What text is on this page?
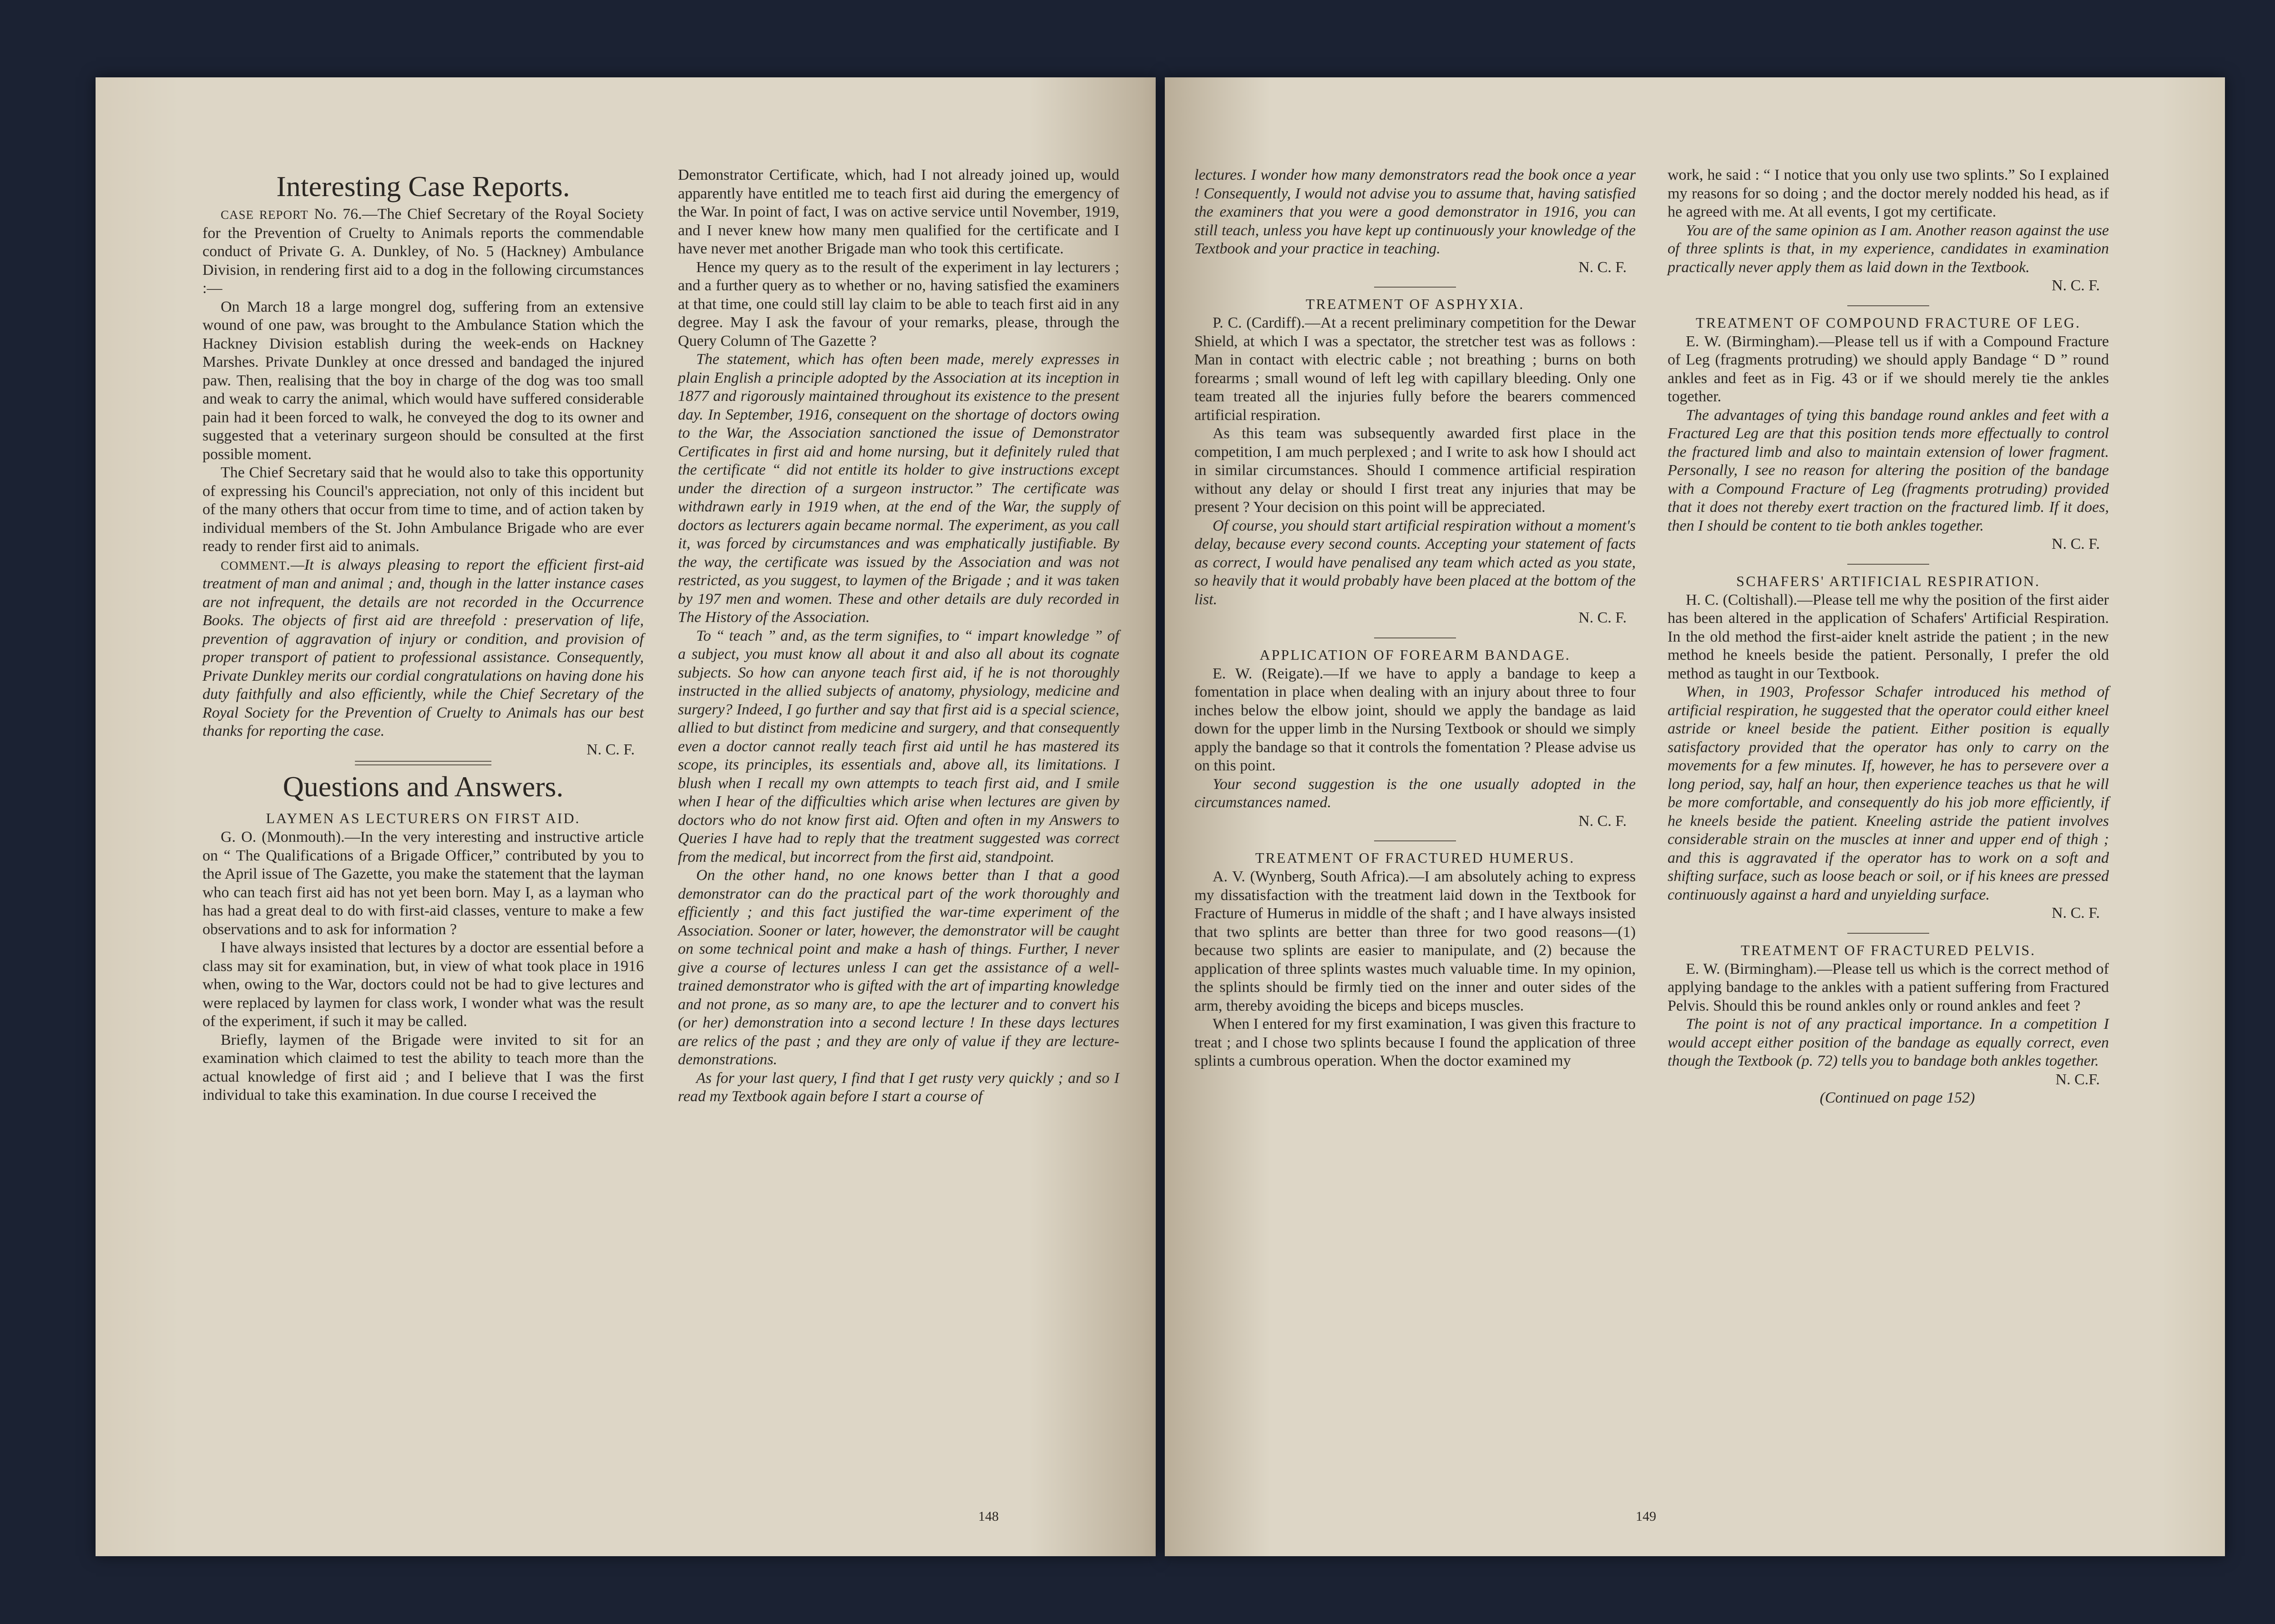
Interesting Case Reports.

CASE REPORT No. 76.—The Chief Secretary of the Royal Society for the Prevention of Cruelty to Animals reports the commendable conduct of Private G. A. Dunkley, of No. 5 (Hackney) Ambulance Division, in rendering first aid to a dog in the following circumstances :—

On March 18 a large mongrel dog, suffering from an extensive wound of one paw, was brought to the Ambulance Station which the Hackney Division establish during the week-ends on Hackney Marshes. Private Dunkley at once dressed and bandaged the injured paw. Then, realising that the boy in charge of the dog was too small and weak to carry the animal, which would have suffered considerable pain had it been forced to walk, he conveyed the dog to its owner and suggested that a veterinary surgeon should be consulted at the first possible moment.

The Chief Secretary said that he would also to take this opportunity of expressing his Council's appreciation, not only of this incident but of the many others that occur from time to time, and of action taken by individual members of the St. John Ambulance Brigade who are ever ready to render first aid to animals.

COMMENT.—It is always pleasing to report the efficient first-aid treatment of man and animal ; and, though in the latter instance cases are not infrequent, the details are not recorded in the Occurrence Books. The objects of first aid are threefold : preservation of life, prevention of aggravation of injury or condition, and provision of proper transport of patient to professional assistance. Consequently, Private Dunkley merits our cordial congratulations on having done his duty faithfully and also efficiently, while the Chief Secretary of the Royal Society for the Prevention of Cruelty to Animals has our best thanks for reporting the case.

N. C. F.

Questions and Answers.
LAYMEN AS LECTURERS ON FIRST AID.

G. O. (Monmouth).—In the very interesting and instructive article on “ The Qualifications of a Brigade Officer,” contributed by you to the April issue of The Gazette, you make the statement that the layman who can teach first aid has not yet been born. May I, as a layman who has had a great deal to do with first-aid classes, venture to make a few observations and to ask for information ?

I have always insisted that lectures by a doctor are essential before a class may sit for examination, but, in view of what took place in 1916 when, owing to the War, doctors could not be had to give lectures and were replaced by laymen for class work, I wonder what was the result of the experiment, if such it may be called.

Briefly, laymen of the Brigade were invited to sit for an examination which claimed to test the ability to teach more than the actual knowledge of first aid ; and I believe that I was the first individual to take this examination. In due course I received the

Demonstrator Certificate, which, had I not already joined up, would apparently have entitled me to teach first aid during the emergency of the War. In point of fact, I was on active service until November, 1919, and I never knew how many men qualified for the certificate and I have never met another Brigade man who took this certificate.

Hence my query as to the result of the experiment in lay lecturers ; and a further query as to whether or no, having satisfied the examiners at that time, one could still lay claim to be able to teach first aid in any degree. May I ask the favour of your remarks, please, through the Query Column of The Gazette ?

The statement, which has often been made, merely expresses in plain English a principle adopted by the Association at its inception in 1877 and rigorously maintained throughout its existence to the present day. In September, 1916, consequent on the shortage of doctors owing to the War, the Association sanctioned the issue of Demonstrator Certificates in first aid and home nursing, but it definitely ruled that the certificate “ did not entitle its holder to give instructions except under the direction of a surgeon instructor.” The certificate was withdrawn early in 1919 when, at the end of the War, the supply of doctors as lecturers again became normal. The experiment, as you call it, was forced by circumstances and was emphatically justifiable. By the way, the certificate was issued by the Association and was not restricted, as you suggest, to laymen of the Brigade ; and it was taken by 197 men and women. These and other details are duly recorded in The History of the Association.

To “ teach ” and, as the term signifies, to “ impart knowledge ” of a subject, you must know all about it and also all about its cognate subjects. So how can anyone teach first aid, if he is not thoroughly instructed in the allied subjects of anatomy, physiology, medicine and surgery? Indeed, I go further and say that first aid is a special science, allied to but distinct from medicine and surgery, and that consequently even a doctor cannot really teach first aid until he has mastered its scope, its principles, its essentials and, above all, its limitations. I blush when I recall my own attempts to teach first aid, and I smile when I hear of the difficulties which arise when lectures are given by doctors who do not know first aid. Often and often in my Answers to Queries I have had to reply that the treatment suggested was correct from the medical, but incorrect from the first aid, standpoint.

On the other hand, no one knows better than I that a good demonstrator can do the practical part of the work thoroughly and efficiently ; and this fact justified the war-time experiment of the Association. Sooner or later, however, the demonstrator will be caught on some technical point and make a hash of things. Further, I never give a course of lectures unless I can get the assistance of a well-trained demonstrator who is gifted with the art of imparting knowledge and not prone, as so many are, to ape the lecturer and to convert his (or her) demonstration into a second lecture ! In these days lectures are relics of the past ; and they are only of value if they are lecture-demonstrations.

As for your last query, I find that I get rusty very quickly ; and so I read my Textbook again before I start a course of

148

lectures. I wonder how many demonstrators read the book once a year ! Consequently, I would not advise you to assume that, having satisfied the examiners that you were a good demonstrator in 1916, you can still teach, unless you have kept up continuously your knowledge of the Textbook and your practice in teaching.

N. C. F.

TREATMENT OF ASPHYXIA.

P. C. (Cardiff).—At a recent preliminary competition for the Dewar Shield, at which I was a spectator, the stretcher test was as follows : Man in contact with electric cable ; not breathing ; burns on both forearms ; small wound of left leg with capillary bleeding. Only one team treated all the injuries fully before the bearers commenced artificial respiration.

As this team was subsequently awarded first place in the competition, I am much perplexed ; and I write to ask how I should act in similar circumstances. Should I commence artificial respiration without any delay or should I first treat any injuries that may be present ? Your decision on this point will be appreciated.

Of course, you should start artificial respiration without a moment's delay, because every second counts. Accepting your statement of facts as correct, I would have penalised any team which acted as you state, so heavily that it would probably have been placed at the bottom of the list.

N. C. F.

APPLICATION OF FOREARM BANDAGE.

E. W. (Reigate).—If we have to apply a bandage to keep a fomentation in place when dealing with an injury about three to four inches below the elbow joint, should we apply the bandage as laid down for the upper limb in the Nursing Textbook or should we simply apply the bandage so that it controls the fomentation ? Please advise us on this point.

Your second suggestion is the one usually adopted in the circumstances named.

N. C. F.

TREATMENT OF FRACTURED HUMERUS.

A. V. (Wynberg, South Africa).—I am absolutely aching to express my dissatisfaction with the treatment laid down in the Textbook for Fracture of Humerus in middle of the shaft ; and I have always insisted that two splints are better than three for two good reasons—(1) because two splints are easier to manipulate, and (2) because the application of three splints wastes much valuable time. In my opinion, the splints should be firmly tied on the inner and outer sides of the arm, thereby avoiding the biceps and biceps muscles.

When I entered for my first examination, I was given this fracture to treat ; and I chose two splints because I found the application of three splints a cumbrous operation. When the doctor examined my

work, he said : “ I notice that you only use two splints.” So I explained my reasons for so doing ; and the doctor merely nodded his head, as if he agreed with me. At all events, I got my certificate.

You are of the same opinion as I am. Another reason against the use of three splints is that, in my experience, candidates in examination practically never apply them as laid down in the Textbook.

N. C. F.

TREATMENT OF COMPOUND FRACTURE OF LEG.

E. W. (Birmingham).—Please tell us if with a Compound Fracture of Leg (fragments protruding) we should apply Bandage “ D ” round ankles and feet as in Fig. 43 or if we should merely tie the ankles together.

The advantages of tying this bandage round ankles and feet with a Fractured Leg are that this position tends more effectually to control the fractured limb and also to maintain extension of lower fragment. Personally, I see no reason for altering the position of the bandage with a Compound Fracture of Leg (fragments protruding) provided that it does not thereby exert traction on the fractured limb. If it does, then I should be content to tie both ankles together.

N. C. F.

SCHAFERS' ARTIFICIAL RESPIRATION.

H. C. (Coltishall).—Please tell me why the position of the first aider has been altered in the application of Schafers' Artificial Respiration. In the old method the first-aider knelt astride the patient ; in the new method he kneels beside the patient. Personally, I prefer the old method as taught in our Textbook.

When, in 1903, Professor Schafer introduced his method of artificial respiration, he suggested that the operator could either kneel astride or kneel beside the patient. Either position is equally satisfactory provided that the operator has only to carry on the movements for a few minutes. If, however, he has to persevere over a long period, say, half an hour, then experience teaches us that he will be more comfortable, and consequently do his job more efficiently, if he kneels beside the patient. Kneeling astride the patient involves considerable strain on the muscles at inner and upper end of thigh ; and this is aggravated if the operator has to work on a soft and shifting surface, such as loose beach or soil, or if his knees are pressed continuously against a hard and unyielding surface.

N. C. F.

TREATMENT OF FRACTURED PELVIS.

E. W. (Birmingham).—Please tell us which is the correct method of applying bandage to the ankles with a patient suffering from Fractured Pelvis. Should this be round ankles only or round ankles and feet ?

The point is not of any practical importance. In a competition I would accept either position of the bandage as equally correct, even though the Textbook (p. 72) tells you to bandage both ankles together.

N. C.F.

(Continued on page 152)

149
